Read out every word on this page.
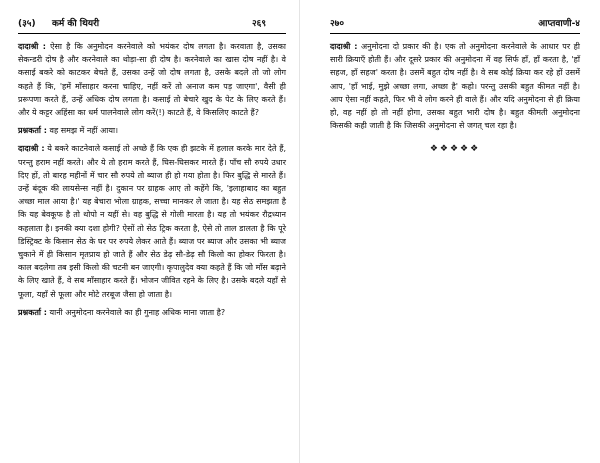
(३५) कर्म की थियरी	२६९

दादाश्री : ऐसा है कि अनुमोदन करनेवाले को भयंकर दोष लगता है। करवाता है, उसका सेकन्डरी दोष है और करनेवाले का थोड़ा-सा ही दोष है। करनेवाले का खास दोष नहीं है। वे कसाई बकरे को काटकर बेचते हैं, उसका उन्हें जो दोष लगता है, उसके बदले तो जो लोग कहते हैं कि, 'हमें माँसाहार करना चाहिए, नहीं करें तो अनाज कम पड़ जाएगा', वैसी ही प्ररूपणा करते हैं, उन्हें अधिक दोष लगता है। कसाई तो बेचारे खुद के पेट के लिए करते हैं। और ये कट्टर अहिंसा का धर्म पालनेवाले लोग करें(!) काटते हैं, वे किसलिए काटते हैं?

प्रश्नकर्ता : वह समझ में नहीं आया।

दादाश्री : ये बकरे काटनेवाले कसाई तो अच्छे हैं कि एक ही झटके में हलाल करके मार देते हैं, परन्तु हराम नहीं करते। और ये तो हराम करते हैं, घिस-घिसकर मारते हैं। पाँच सौ रुपये उधार दिए हों, तो बारह महीनों में चार सौ रुपये तो ब्याज ही हो गया होता है। फिर बुद्धि से मारते हैं। उन्हें बंदूक की लायसेन्स नहीं है। दुकान पर ग्राहक आए तो कहेंगे कि, 'इलाहाबाद का बहुत अच्छा माल आया है।' यह बेचारा भोला ग्राहक, सच्चा मानकर ले जाता है। यह सेठ समझता है कि यह बेवकूफ है तो थोपो न यहीं से। वह बुद्धि से गोली मारता है। यह तो भयंकर रौद्रध्यान कहलाता है। इनकी क्या दशा होगी? ऐसों तो सेठ ट्रिक करता है, ऐसे तो ताल डालता है कि पूरे डिस्ट्रिक्ट के किसान सेठ के घर पर रुपये लेकर आते हैं। ब्याज पर ब्याज और उसका भी ब्याज चुकाने में ही किसान मृतप्राय हो जाते हैं और सेठ डेढ़ सौ-डेढ़ सौ किलो का होकर फिरता है। काल बदलेगा तब इसी किलो की चटनी बन जाएगी। कृपालुदेव क्या कहते हैं कि जो माँस बढ़ाने के लिए खाते हैं, वे सब माँसाहार करते हैं। भोजन जीवित रहने के लिए है। उसके बदले यहाँ से फूला, यहाँ से फूला और मोटे तरबूज जैसा हो जाता है।

प्रश्नकर्ता : यानी अनुमोदना करनेवाले का ही गुनाह अधिक माना जाता है?

२७०	आप्तवाणी-४

दादाश्री : अनुमोदना दो प्रकार की है। एक तो अनुमोदना करनेवाले के आधार पर ही सारी क्रियाएँ होती हैं। और दूसरे प्रकार की अनुमोदना में वह सिर्फ हाँ, हाँ करता है, 'हाँ सहज, हाँ सहज' करता है। उसमें बहुत दोष नहीं है। वे सब कोई क्रिया कर रहे हों उसमें आप, 'हाँ भाई, मुझे अच्छा लगा, अच्छा है' कहो। परन्तु उसकी बहुत कीमत नहीं है। आप ऐसा नहीं कहते, फिर भी वे लोग करने ही वाले हैं। और यदि अनुमोदना से ही क्रिया हो, वह नहीं हो तो नहीं होगा, उसका बहुत भारी दोष है। बहुत कीमती अनुमोदना किसकी कही जाती है कि जिसकी अनुमोदना से जगत् चल रहा है।

❖❖❖❖❖
